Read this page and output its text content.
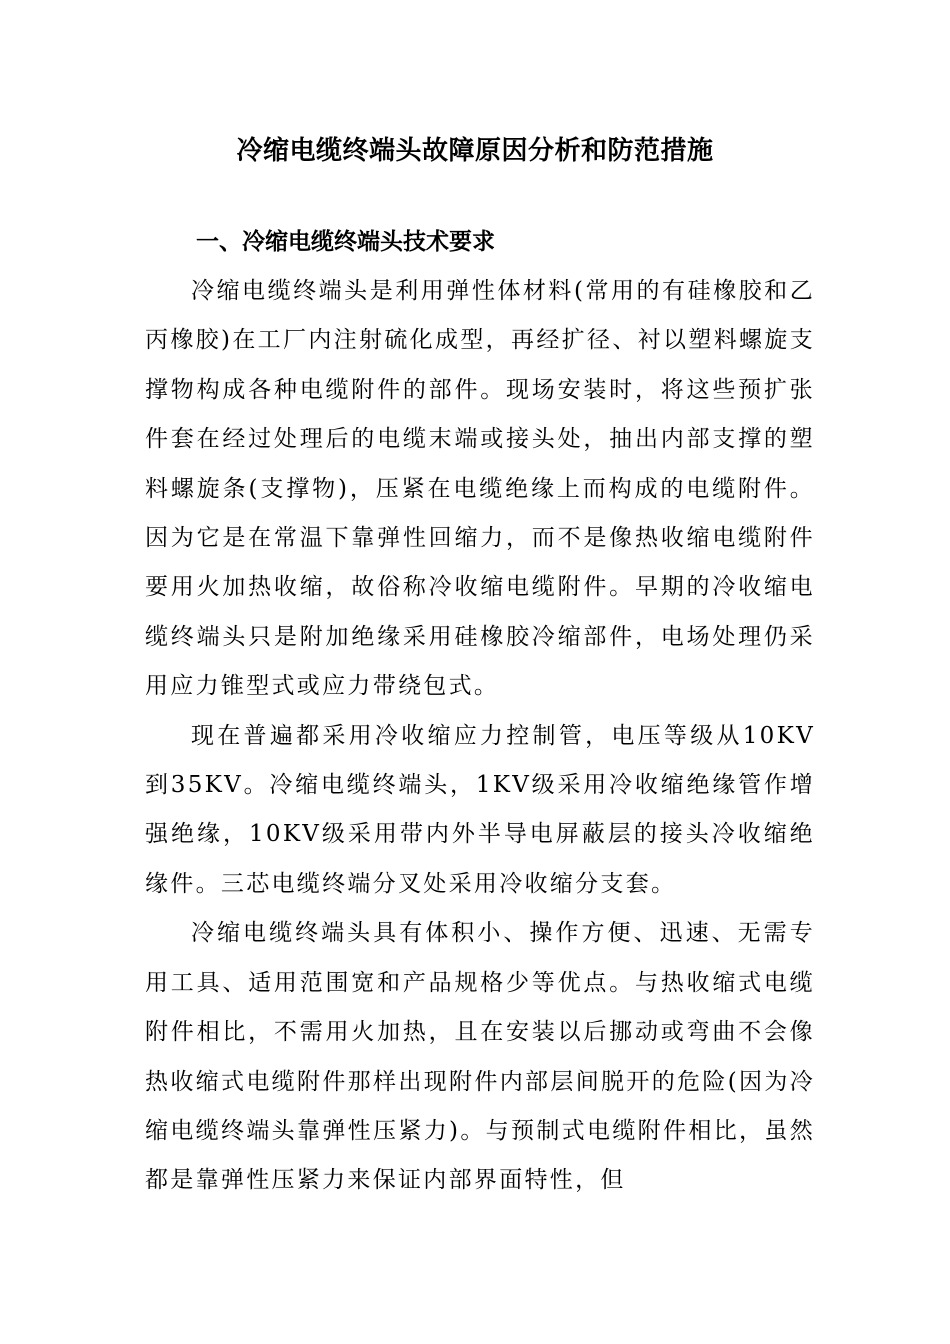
冷缩电缆终端头故障原因分析和防范措施
一、冷缩电缆终端头技术要求

冷缩电缆终端头是利用弹性体材料(常用的有硅橡胶和乙丙橡胶)在工厂内注射硫化成型，再经扩径、衬以塑料螺旋支撑物构成各种电缆附件的部件。现场安装时，将这些预扩张件套在经过处理后的电缆末端或接头处，抽出内部支撑的塑料螺旋条(支撑物)，压紧在电缆绝缘上而构成的电缆附件。因为它是在常温下靠弹性回缩力，而不是像热收缩电缆附件要用火加热收缩，故俗称冷收缩电缆附件。早期的冷收缩电缆终端头只是附加绝缘采用硅橡胶冷缩部件，电场处理仍采用应力锥型式或应力带绕包式。

现在普遍都采用冷收缩应力控制管，电压等级从10KV到35KV。冷缩电缆终端头，1KV级采用冷收缩绝缘管作增强绝缘，10KV级采用带内外半导电屏蔽层的接头冷收缩绝缘件。三芯电缆终端分叉处采用冷收缩分支套。

冷缩电缆终端头具有体积小、操作方便、迅速、无需专用工具、适用范围宽和产品规格少等优点。与热收缩式电缆附件相比，不需用火加热，且在安装以后挪动或弯曲不会像热收缩式电缆附件那样出现附件内部层间脱开的危险(因为冷缩电缆终端头靠弹性压紧力)。与预制式电缆附件相比，虽然都是靠弹性压紧力来保证内部界面特性，但
